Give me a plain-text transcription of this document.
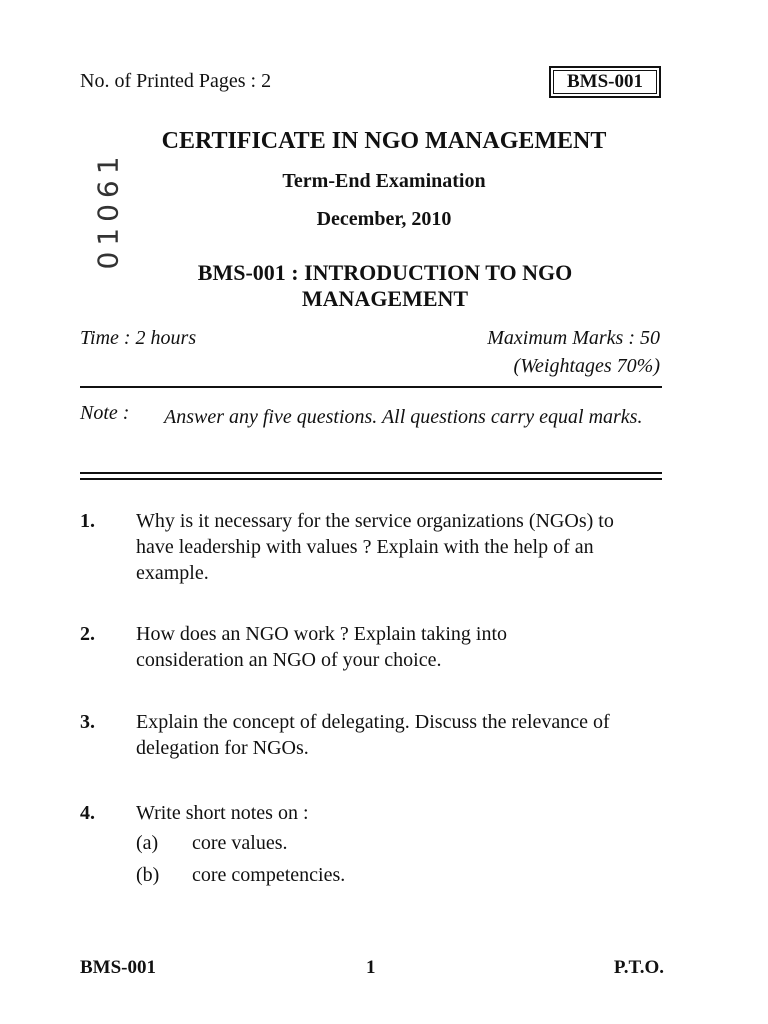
No. of Printed Pages : 2	BMS-001
01061
CERTIFICATE IN NGO MANAGEMENT
Term-End Examination
December, 2010
BMS-001 : INTRODUCTION TO NGO MANAGEMENT
Time : 2 hours	Maximum Marks : 50
(Weightages 70%)
Note : Answer any five questions. All questions carry equal marks.
1. Why is it necessary for the service organizations (NGOs) to have leadership with values ? Explain with the help of an example.
2. How does an NGO work ? Explain taking into consideration an NGO of your choice.
3. Explain the concept of delegating. Discuss the relevance of delegation for NGOs.
4. Write short notes on :
(a) core values.
(b) core competencies.
BMS-001	1	P.T.O.
